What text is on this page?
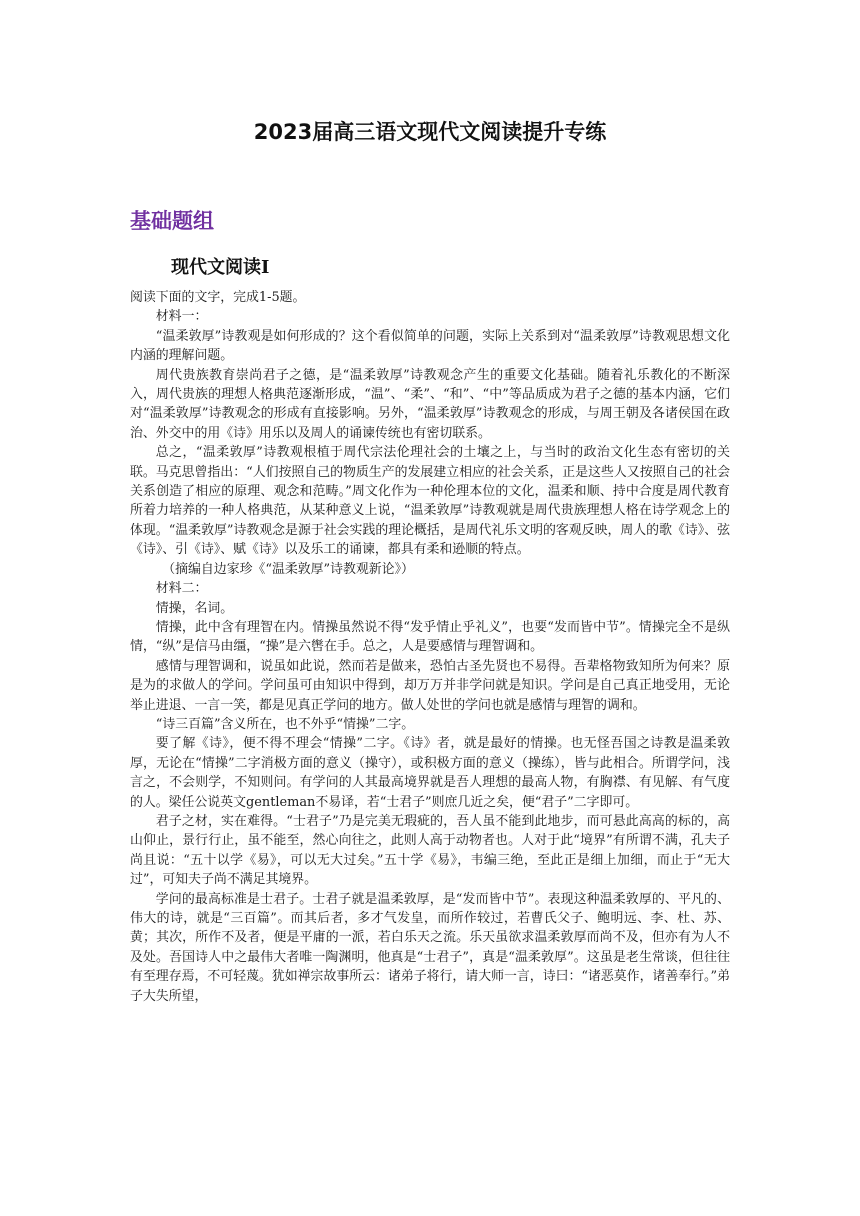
2023届高三语文现代文阅读提升专练
基础题组
现代文阅读Ⅰ

阅读下面的文字，完成1-5题。

材料一：

“温柔敦厚”诗教观是如何形成的？这个看似简单的问题，实际上关系到对“温柔敦厚”诗教观思想文化内涵的理解问题。

周代贵族教育崇尚君子之德，是“温柔敦厚”诗教观念产生的重要文化基础。随着礼乐教化的不断深入，周代贵族的理想人格典范逐渐形成，“温”、“柔”、“和”、“中”等品质成为君子之德的基本内涵，它们对“温柔敦厚”诗教观念的形成有直接影响。另外，“温柔敦厚”诗教观念的形成，与周王朝及各诸侯国在政治、外交中的用《诗》用乐以及周人的诵谏传统也有密切联系。

总之，“温柔敦厚”诗教观根植于周代宗法伦理社会的土壤之上，与当时的政治文化生态有密切的关联。马克思曾指出：“人们按照自己的物质生产的发展建立相应的社会关系，正是这些人又按照自己的社会关系创造了相应的原理、观念和范畴。”周文化作为一种伦理本位的文化，温柔和顺、持中合度是周代教育所着力培养的一种人格典范，从某种意义上说，“温柔敦厚”诗教观就是周代贵族理想人格在诗学观念上的体现。“温柔敦厚”诗教观念是源于社会实践的理论概括，是周代礼乐文明的客观反映，周人的歌《诗》、弦《诗》、引《诗》、赋《诗》以及乐工的诵谏，都具有柔和逊顺的特点。

（摘编自边家珍《“温柔敦厚”诗教观新论》）

材料二：

情操，名词。

情操，此中含有理智在内。情操虽然说不得“发乎情止乎礼义”，也要“发而皆中节”。情操完全不是纵情，“纵”是信马由缰，“操”是六辔在手。总之，人是要感情与理智调和。

感情与理智调和，说虽如此说，然而若是做来，恐怕古圣先贤也不易得。吾辈格物致知所为何来？原是为的求做人的学问。学问虽可由知识中得到，却万万并非学问就是知识。学问是自己真正地受用，无论举止进退、一言一笑，都是见真正学问的地方。做人处世的学问也就是感情与理智的调和。

“诗三百篇”含义所在，也不外乎“情操”二字。

要了解《诗》，便不得不理会“情操”二字。《诗》者，就是最好的情操。也无怪吾国之诗教是温柔敦厚，无论在“情操”二字消极方面的意义（操守），或积极方面的意义（操练），皆与此相合。所谓学问，浅言之，不会则学，不知则问。有学问的人其最高境界就是吾人理想的最高人物，有胸襟、有见解、有气度的人。梁任公说英文gentleman不易译，若“士君子”则庶几近之矣，便“君子”二字即可。

君子之材，实在难得。“士君子”乃是完美无瑕疵的，吾人虽不能到此地步，而可悬此高高的标的，高山仰止，景行行止，虽不能至，然心向往之，此则人高于动物者也。人对于此“境界”有所谓不满，孔夫子尚且说：“五十以学《易》，可以无大过矣。”五十学《易》，韦编三绝，至此正是细上加细，而止于“无大过”，可知夫子尚不满足其境界。

学问的最高标准是士君子。士君子就是温柔敦厚，是“发而皆中节”。表现这种温柔敦厚的、平凡的、伟大的诗，就是“三百篇”。而其后者，多才气发皇，而所作较过，若曹氏父子、鲍明远、李、杜、苏、黄；其次，所作不及者，便是平庸的一派，若白乐天之流。乐天虽欲求温柔敦厚而尚不及，但亦有为人不及处。吾国诗人中之最伟大者唯一陶渊明，他真是“士君子”，真是“温柔敦厚”。这虽是老生常谈，但往往有至理存焉，不可轻蔑。犹如禅宗故事所云：诸弟子将行，请大师一言，诗曰：“诸恶莫作，诸善奉行。”弟子大失所望，
